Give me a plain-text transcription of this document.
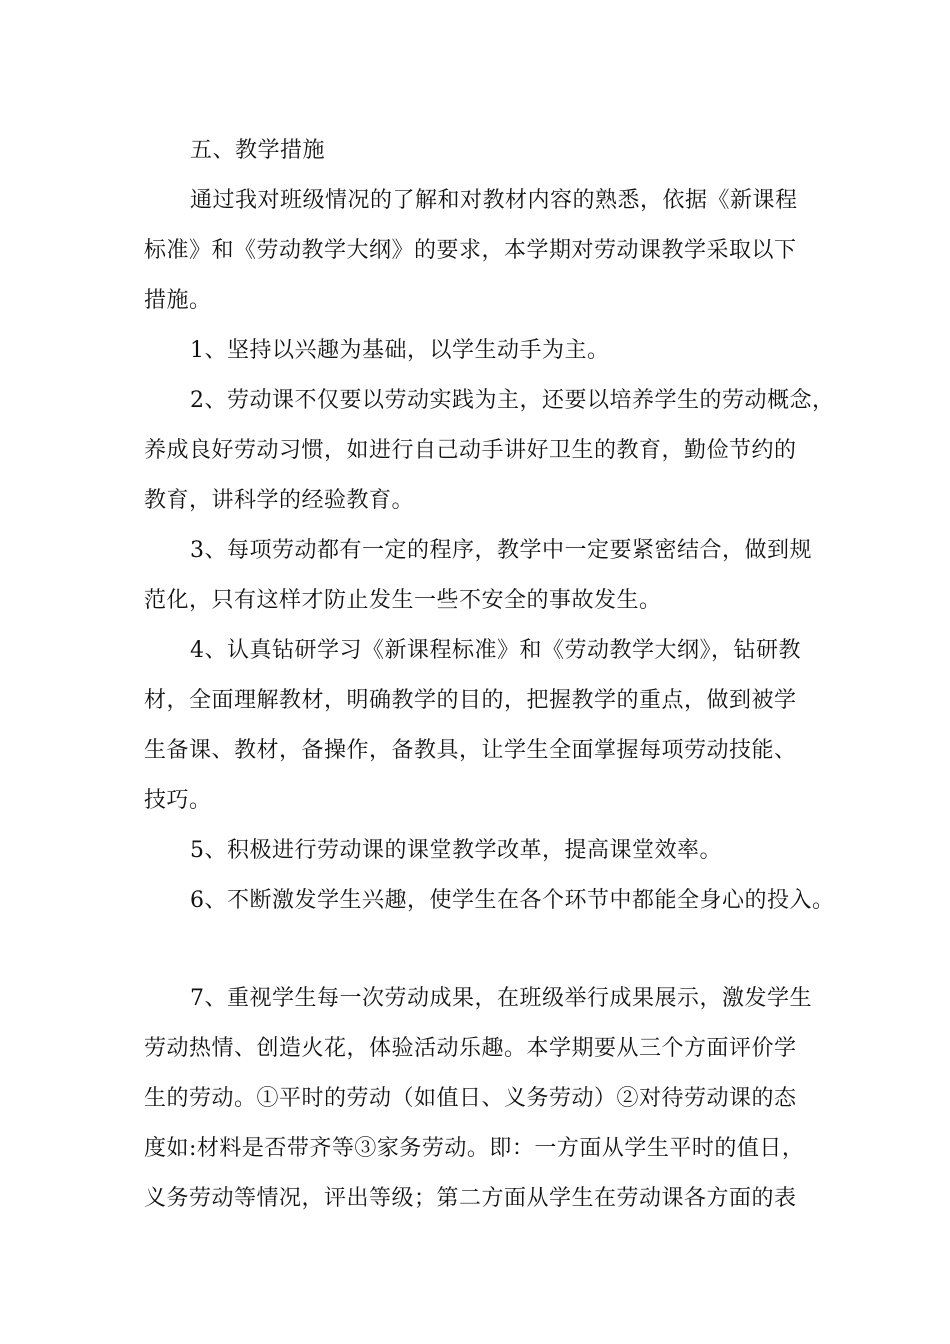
五、教学措施

通过我对班级情况的了解和对教材内容的熟悉，依据《新课程
标准》和《劳动教学大纲》的要求，本学期对劳动课教学采取以下
措施。

1、坚持以兴趣为基础，以学生动手为主。

2、劳动课不仅要以劳动实践为主，还要以培养学生的劳动概念，
养成良好劳动习惯，如进行自己动手讲好卫生的教育，勤俭节约的
教育，讲科学的经验教育。

3、每项劳动都有一定的程序，教学中一定要紧密结合，做到规
范化，只有这样才防止发生一些不安全的事故发生。

4、认真钻研学习《新课程标准》和《劳动教学大纲》，钻研教
材，全面理解教材，明确教学的目的，把握教学的重点，做到被学
生备课、教材，备操作，备教具，让学生全面掌握每项劳动技能、
技巧。

5、积极进行劳动课的课堂教学改革，提高课堂效率。

6、不断激发学生兴趣，使学生在各个环节中都能全身心的投入。

7、重视学生每一次劳动成果，在班级举行成果展示，激发学生
劳动热情、创造火花，体验活动乐趣。本学期要从三个方面评价学
生的劳动。①平时的劳动（如值日、义务劳动）②对待劳动课的态
度如:材料是否带齐等③家务劳动。即：一方面从学生平时的值日，
义务劳动等情况，评出等级；第二方面从学生在劳动课各方面的表
